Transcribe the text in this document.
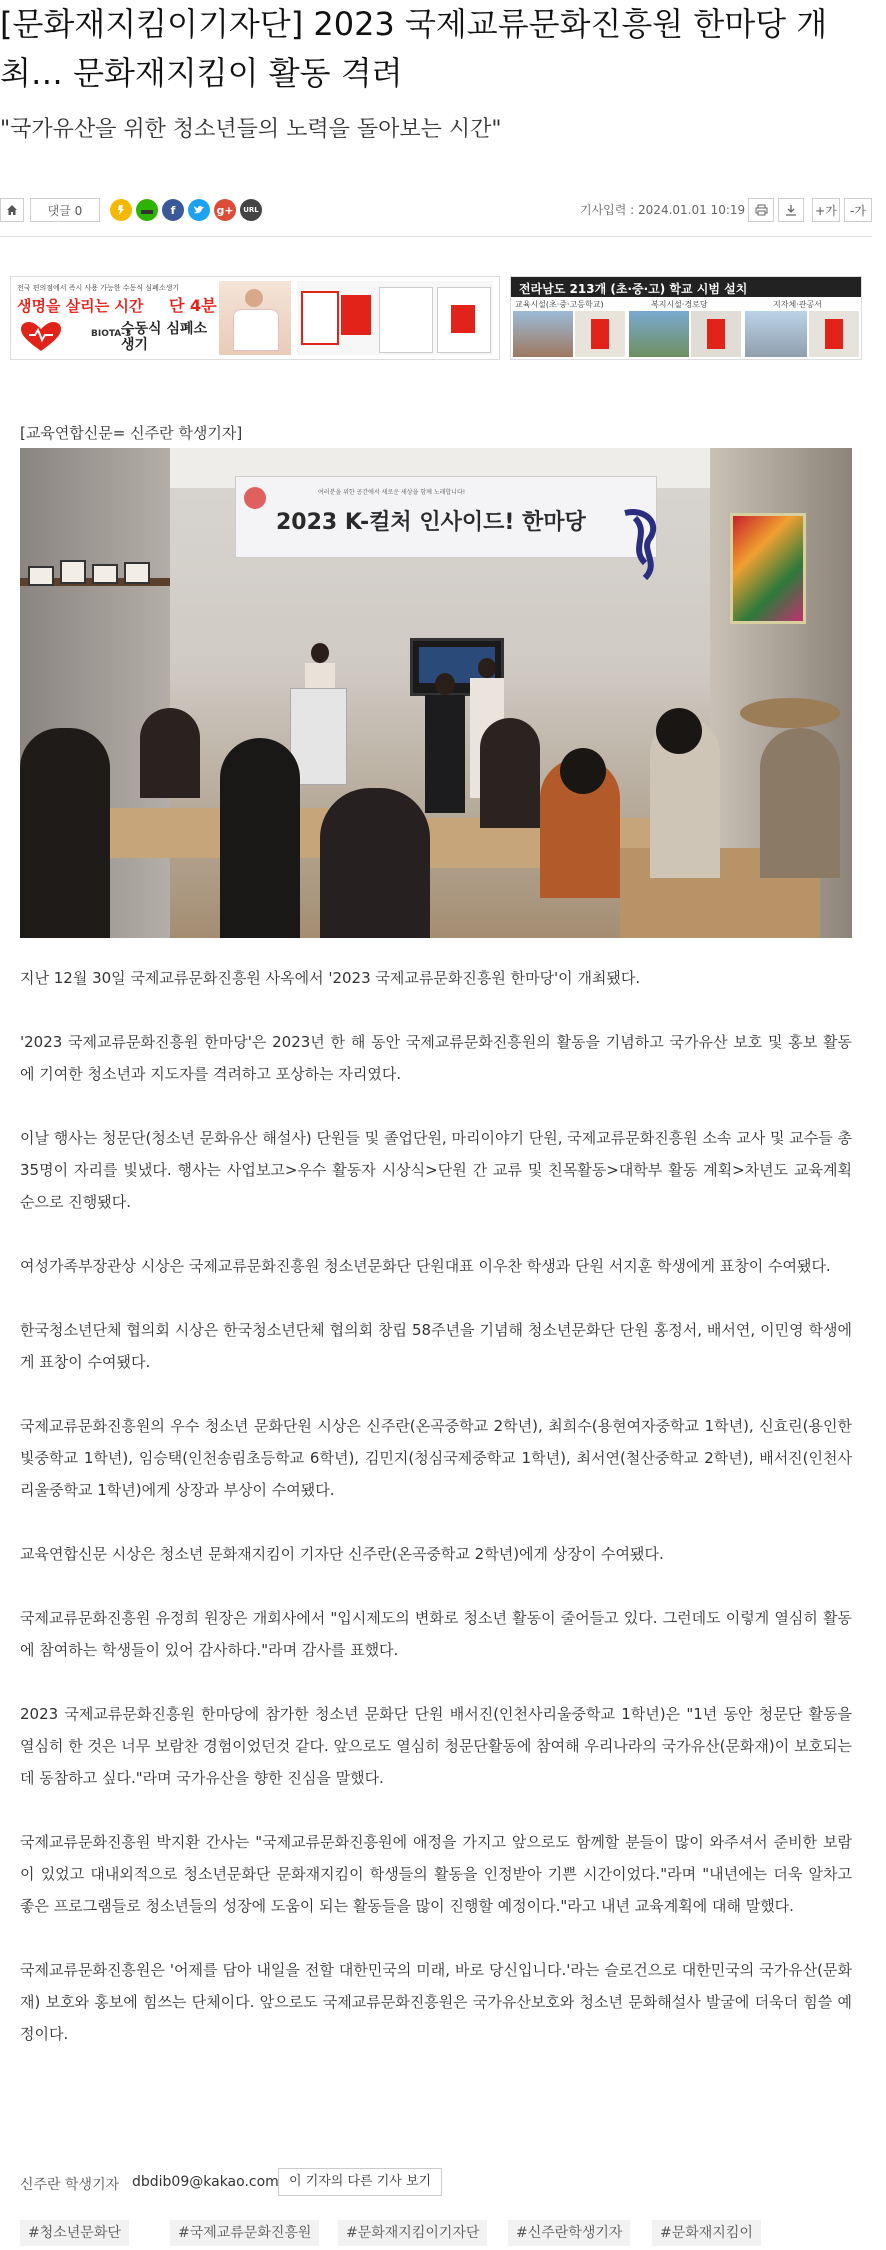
[문화재지킴이기자단] 2023 국제교류문화진흥원 한마당 개최… 문화재지킴이 활동 격려
"국가유산을 위한 청소년들의 노력을 돌아보는 시간"
댓글 0	f	g+	URL	기사입력 : 2024.01.01 10:19	+가	-가
전국 편의점에서 즉시 사용 가능한 수동식 심폐소생기
생명을 살리는 시간 단 4분
BIOTA-3
수동식 심폐소생기
전라남도 213개 (초·중·고) 학교 시범 설치
교육시설(초·중·고등학교)	복지시설·경로당	지자체·관공서
[교육연합신문= 신주란 학생기자]
여러분을 위한 공간에서 새로운 세상을 함께 노래합니다!
2023 K-컬처 인사이드! 한마당

지난 12월 30일 국제교류문화진흥원 사옥에서 '2023 국제교류문화진흥원 한마당'이 개최됐다.

'2023 국제교류문화진흥원 한마당'은 2023년 한 해 동안 국제교류문화진흥원의 활동을 기념하고 국가유산 보호 및 홍보 활동에 기여한 청소년과 지도자를 격려하고 포상하는 자리였다.

이날 행사는 청문단(청소년 문화유산 해설사) 단원들 및 졸업단원, 마리이야기 단원, 국제교류문화진흥원 소속 교사 및 교수들 총 35명이 자리를 빛냈다. 행사는 사업보고>우수 활동자 시상식>단원 간 교류 및 친목활동>대학부 활동 계획>차년도 교육계획 순으로 진행됐다.

여성가족부장관상 시상은 국제교류문화진흥원 청소년문화단 단원대표 이우찬 학생과 단원 서지훈 학생에게 표창이 수여됐다.

한국청소년단체 협의회 시상은 한국청소년단체 협의회 창립 58주년을 기념해 청소년문화단 단원 홍정서, 배서연, 이민영 학생에게 표창이 수여됐다.

국제교류문화진흥원의 우수 청소년 문화단원 시상은 신주란(온곡중학교 2학년), 최희수(용현여자중학교 1학년), 신효린(용인한빛중학교 1학년), 임승택(인천송림초등학교 6학년), 김민지(청심국제중학교 1학년), 최서연(철산중학교 2학년), 배서진(인천사리울중학교 1학년)에게 상장과 부상이 수여됐다.

교육연합신문 시상은 청소년 문화재지킴이 기자단 신주란(온곡중학교 2학년)에게 상장이 수여됐다.

국제교류문화진흥원 유정희 원장은 개회사에서 "입시제도의 변화로 청소년 활동이 줄어들고 있다. 그런데도 이렇게 열심히 활동에 참여하는 학생들이 있어 감사하다."라며 감사를 표했다.

2023 국제교류문화진흥원 한마당에 참가한 청소년 문화단 단원 배서진(인천사리울중학교 1학년)은 "1년 동안 청문단 활동을 열심히 한 것은 너무 보람찬 경험이었던것 같다. 앞으로도 열심히 청문단활동에 참여해 우리나라의 국가유산(문화재)이 보호되는 데 동참하고 싶다."라며 국가유산을 향한 진심을 말했다.

국제교류문화진흥원 박지환 간사는 "국제교류문화진흥원에 애정을 가지고 앞으로도 함께할 분들이 많이 와주셔서 준비한 보람이 있었고 대내외적으로 청소년문화단 문화재지킴이 학생들의 활동을 인정받아 기쁜 시간이었다."라며 "내년에는 더욱 알차고 좋은 프로그램들로 청소년들의 성장에 도움이 되는 활동들을 많이 진행할 예정이다."라고 내년 교육계획에 대해 말했다.

국제교류문화진흥원은 '어제를 담아 내일을 전할 대한민국의 미래, 바로 당신입니다.'라는 슬로건으로 대한민국의 국가유산(문화재) 보호와 홍보에 힘쓰는 단체이다. 앞으로도 국제교류문화진흥원은 국가유산보호와 청소년 문화해설사 발굴에 더욱더 힘쓸 예정이다.

신주란 학생기자 dbdib09@kakao.com 이 기자의 다른 기사 보기
#청소년문화단	#국제교류문화진흥원	#문화재지킴이기자단	#신주란학생기자	#문화재지킴이
